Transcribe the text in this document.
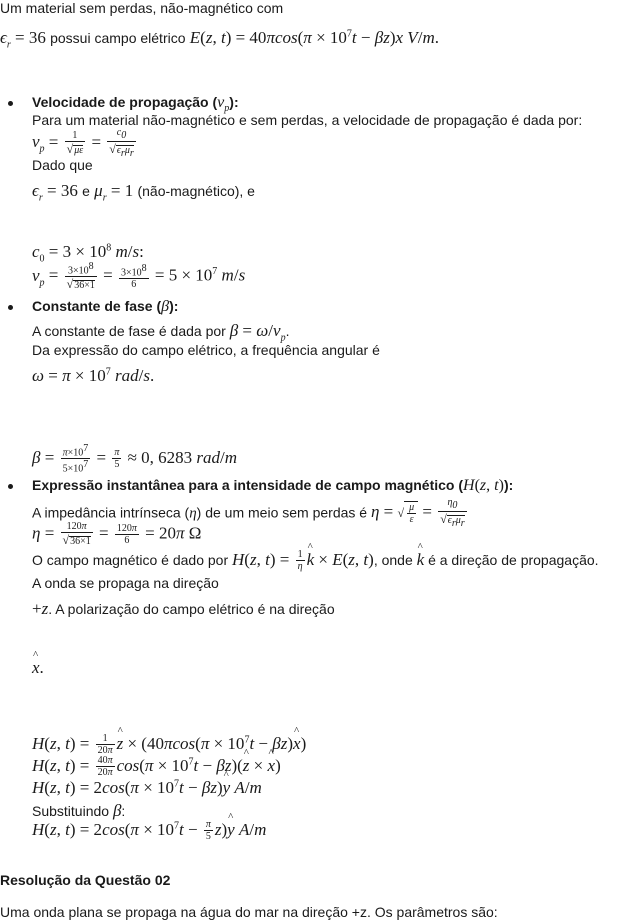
Um material sem perdas, não-magnético com
$\epsilon_r = 36$ possui campo elétrico E(z, $t) = 40\pi\cos(\pi \times 10^7t - \beta z)x$ V/m.
Velocidade de propagação $(v_p)$:
Para um material não-magnético e sem perdas, a velocidade de propagação é dada por:
$v_p = \frac{1}{√\mu\varepsilon}$ =	$c_0$
$√\epsilon_r\mu_r$
Dado que
$\epsilon_r = 36$ e $\mu_r = 1$ (não-magnético), e
$c_0 = 3 \times 10^8$ m/s:
$v_p = \frac{3\times 10^8}{√36\times 1} = \frac{3\times 10^8}{6} = 5 \times 10^7$ m/s
Constante de fase (β):
A constante de fase é dada por $\beta = \omega/v_p$.
Da expressão do campo elétrico, a frequência angular é
$\omega = \pi \times 10^7$ rad/s.
$\beta = \frac{\pi\times 10^7}{5\times 10^7} = \frac{\pi}{5} \approx 0$, 6283 rad/m
Expressão instantânea para a intensidade de campo magnético (H(z, t)):
A impedância intrínseca (η) de um meio sem perdas é η = √ $\frac{\mu}{\varepsilon}$ =	$\eta_0$
$√\epsilon_r\mu_r$
$\eta = \frac{120\pi}{√36\times 1} = \frac{120\pi}{6} = 20\pi$ Ω
O campo magnético é dado por H(z, $t) = \frac{1}{\eta}$ ^ k × E(z, t), onde ^ k é a direção de propagação.
A onda se propaga na direção
+z. A polarização do campo elétrico é na direção
^ x.
H(z, $t) = \frac{1}{20\pi}$ ^ $z \times (40\pi\cos(\pi \times 10^7t$ − βz)^ x)
H(z, $t) = \frac{40\pi}{20\pi} \cos(\pi \times 10^7t$ − βz)(^ z × ^ x)
H(z, $t) = 2\cos(\pi \times 10^7t$ − βz)^ y A/m
Substituindo β:
H(z, $t) = 2\cos(\pi \times 10^7t - \frac{\pi}{5}$ z)^ y A/m
Resolução da Questão 02
Uma onda plana se propaga na água do mar na direção +z. Os parâmetros são:
